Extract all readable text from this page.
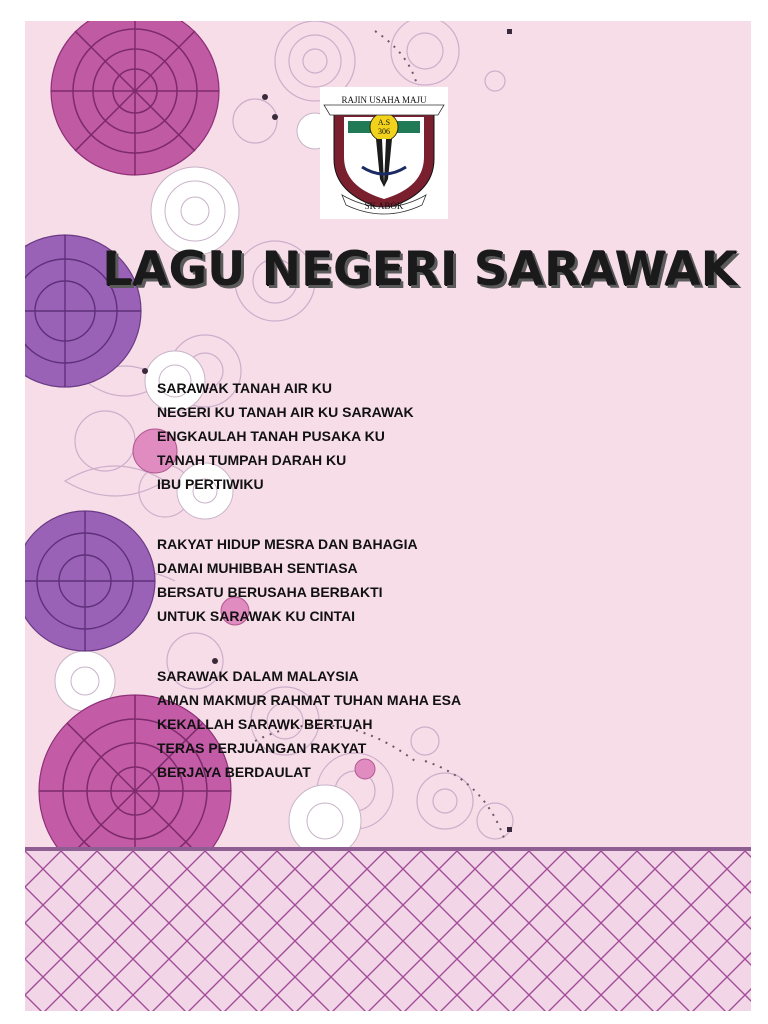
RAJIN USAHA MAJU
A.S
306
SK ABOK
LAGU NEGERI SARAWAK
SARAWAK TANAH AIR KU
NEGERI KU TANAH AIR KU SARAWAK
ENGKAULAH TANAH PUSAKA KU
TANAH TUMPAH DARAH KU
IBU PERTIWIKU
RAKYAT HIDUP MESRA DAN BAHAGIA
DAMAI MUHIBBAH SENTIASA
BERSATU BERUSAHA BERBAKTI
UNTUK SARAWAK KU CINTAI
SARAWAK DALAM MALAYSIA
AMAN MAKMUR RAHMAT TUHAN MAHA ESA
KEKALLAH SARAWK BERTUAH
TERAS PERJUANGAN RAKYAT
BERJAYA BERDAULAT
